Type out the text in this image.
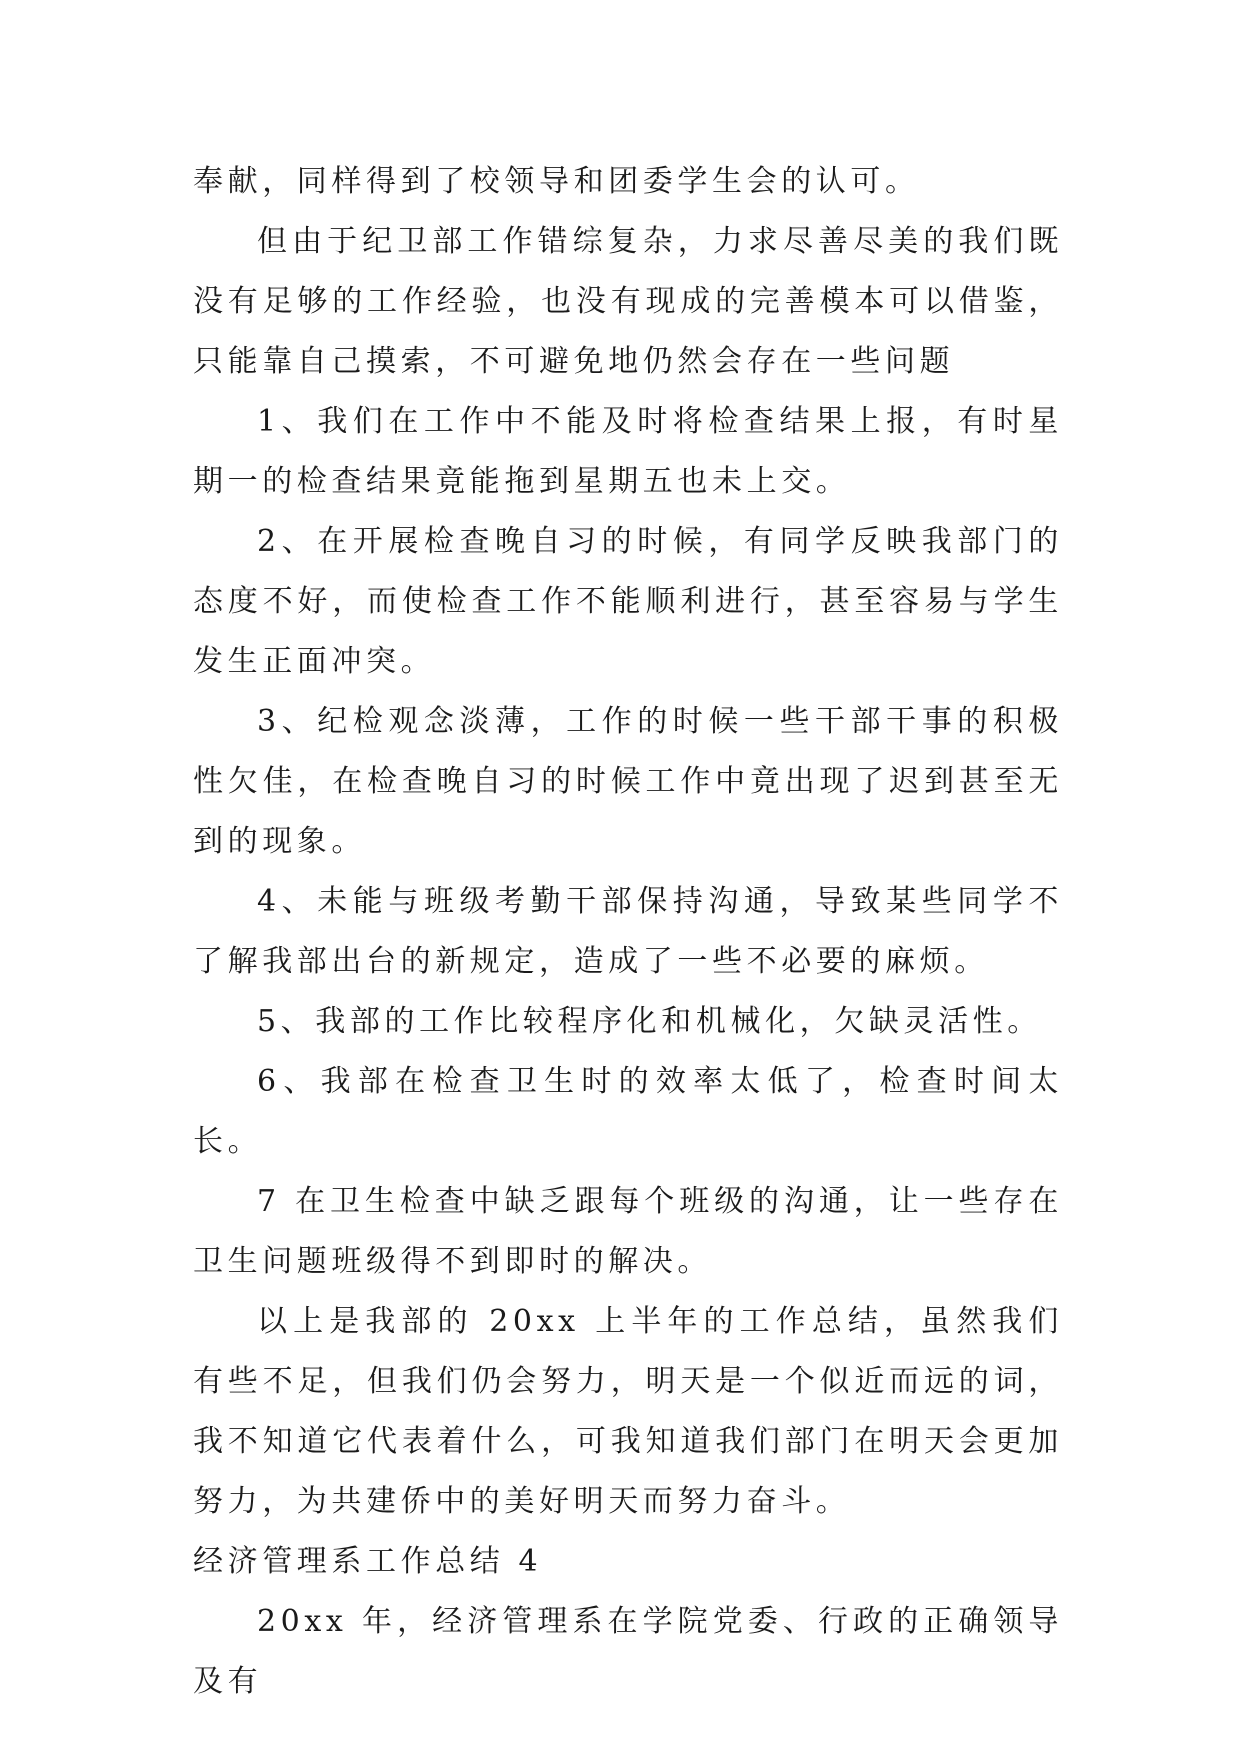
奉献，同样得到了校领导和团委学生会的认可。

但由于纪卫部工作错综复杂，力求尽善尽美的我们既没有足够的工作经验，也没有现成的完善模本可以借鉴，只能靠自己摸索，不可避免地仍然会存在一些问题

1、我们在工作中不能及时将检查结果上报，有时星期一的检查结果竟能拖到星期五也未上交。

2、在开展检查晚自习的时候，有同学反映我部门的态度不好，而使检查工作不能顺利进行，甚至容易与学生发生正面冲突。

3、纪检观念淡薄，工作的时候一些干部干事的积极性欠佳，在检查晚自习的时候工作中竟出现了迟到甚至无到的现象。

4、未能与班级考勤干部保持沟通，导致某些同学不了解我部出台的新规定，造成了一些不必要的麻烦。

5、我部的工作比较程序化和机械化，欠缺灵活性。

6、我部在检查卫生时的效率太低了，检查时间太长。

7 在卫生检查中缺乏跟每个班级的沟通，让一些存在卫生问题班级得不到即时的解决。

以上是我部的 20xx 上半年的工作总结，虽然我们有些不足，但我们仍会努力，明天是一个似近而远的词，我不知道它代表着什么，可我知道我们部门在明天会更加努力，为共建侨中的美好明天而努力奋斗。

经济管理系工作总结 4

20xx 年，经济管理系在学院党委、行政的正确领导及有
